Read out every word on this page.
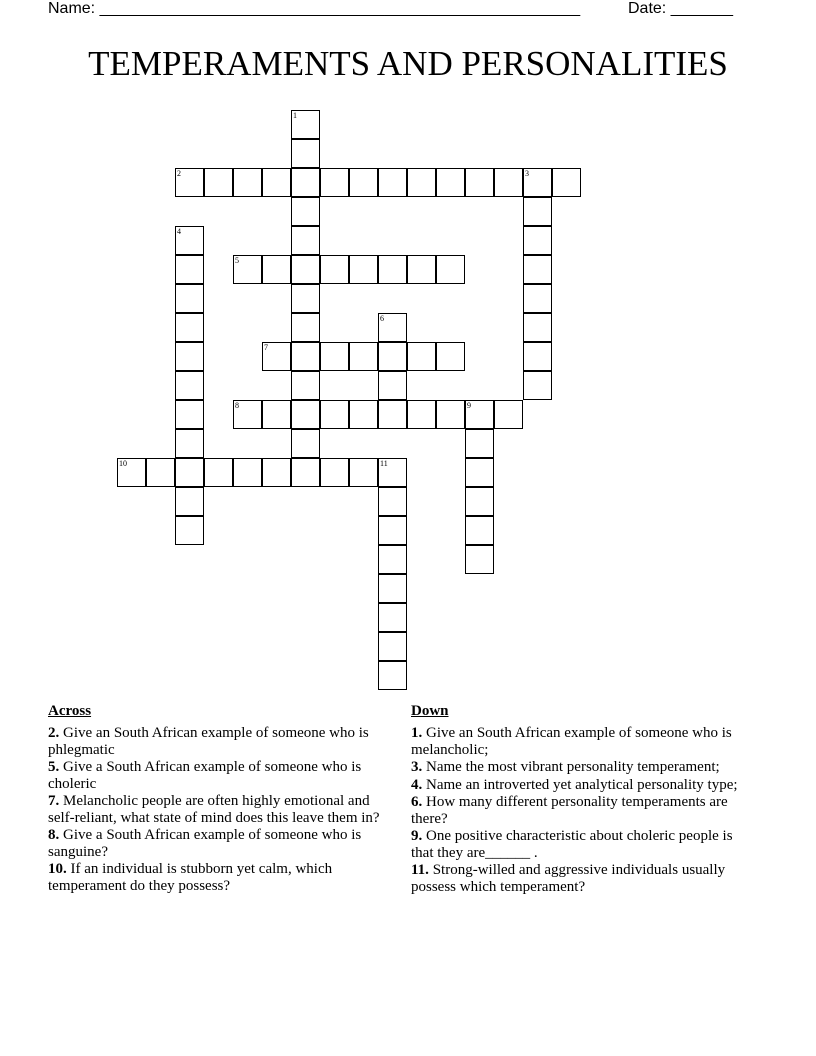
Name: ______________________________________________________	Date: _______
TEMPERAMENTS AND PERSONALITIES
1
2	3
4
5
6
7
8	9
10	11
Across
2. Give an South African example of someone who is phlegmatic
5. Give a South African example of someone who is choleric
7. Melancholic people are often highly emotional and self-reliant, what state of mind does this leave them in?
8. Give a South African example of someone who is sanguine?
10. If an individual is stubborn yet calm, which temperament do they possess?
Down
1. Give an South African example of someone who is melancholic;
3. Name the most vibrant personality temperament;
4. Name an introverted yet analytical personality type;
6. How many different personality temperaments are there?
9. One positive characteristic about choleric people is that they are______ .
11. Strong-willed and aggressive individuals usually possess which temperament?
